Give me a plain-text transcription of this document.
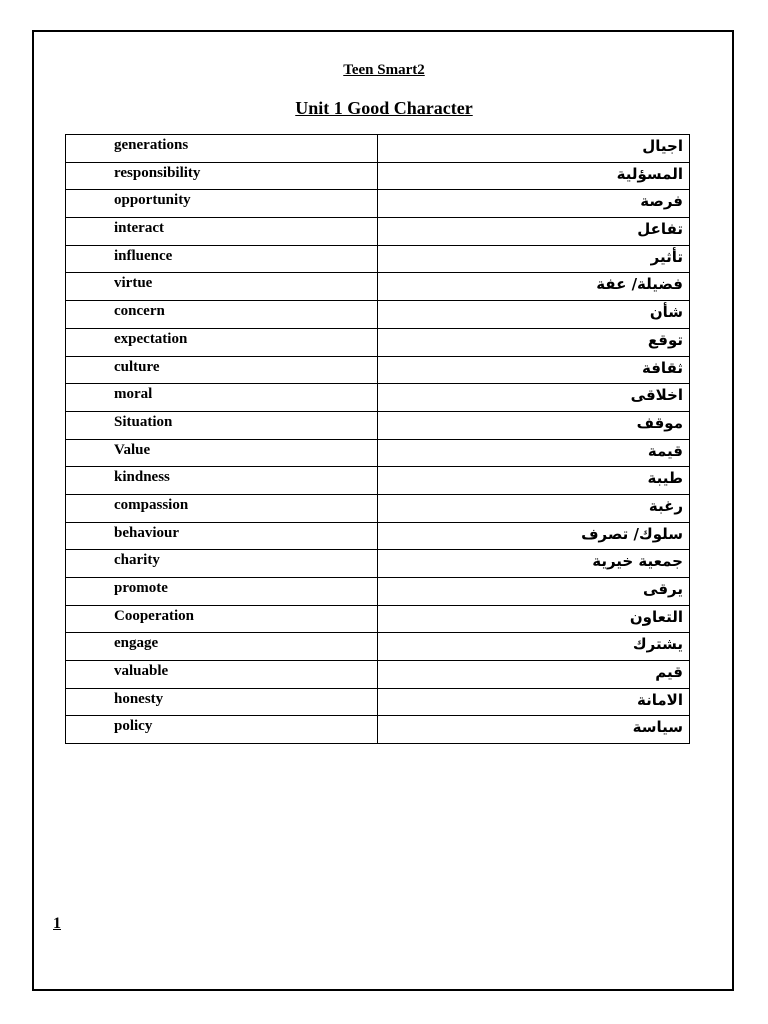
Teen Smart2
Unit 1 Good Character
generations	اجيال
responsibility	المسؤلية
opportunity	فرصة
interact	تفاعل
influence	تأثير
virtue	فضيلة/ عفة
concern	شأن
expectation	توقع
culture	ثقافة
moral	اخلاقى
Situation	موقف
Value	قيمة
kindness	طيبة
compassion	رغبة
behaviour	سلوك/ تصرف
charity	جمعية خيرية
promote	يرقى
Cooperation	التعاون
engage	يشترك
valuable	قيم
honesty	الامانة
policy	سياسة
1
